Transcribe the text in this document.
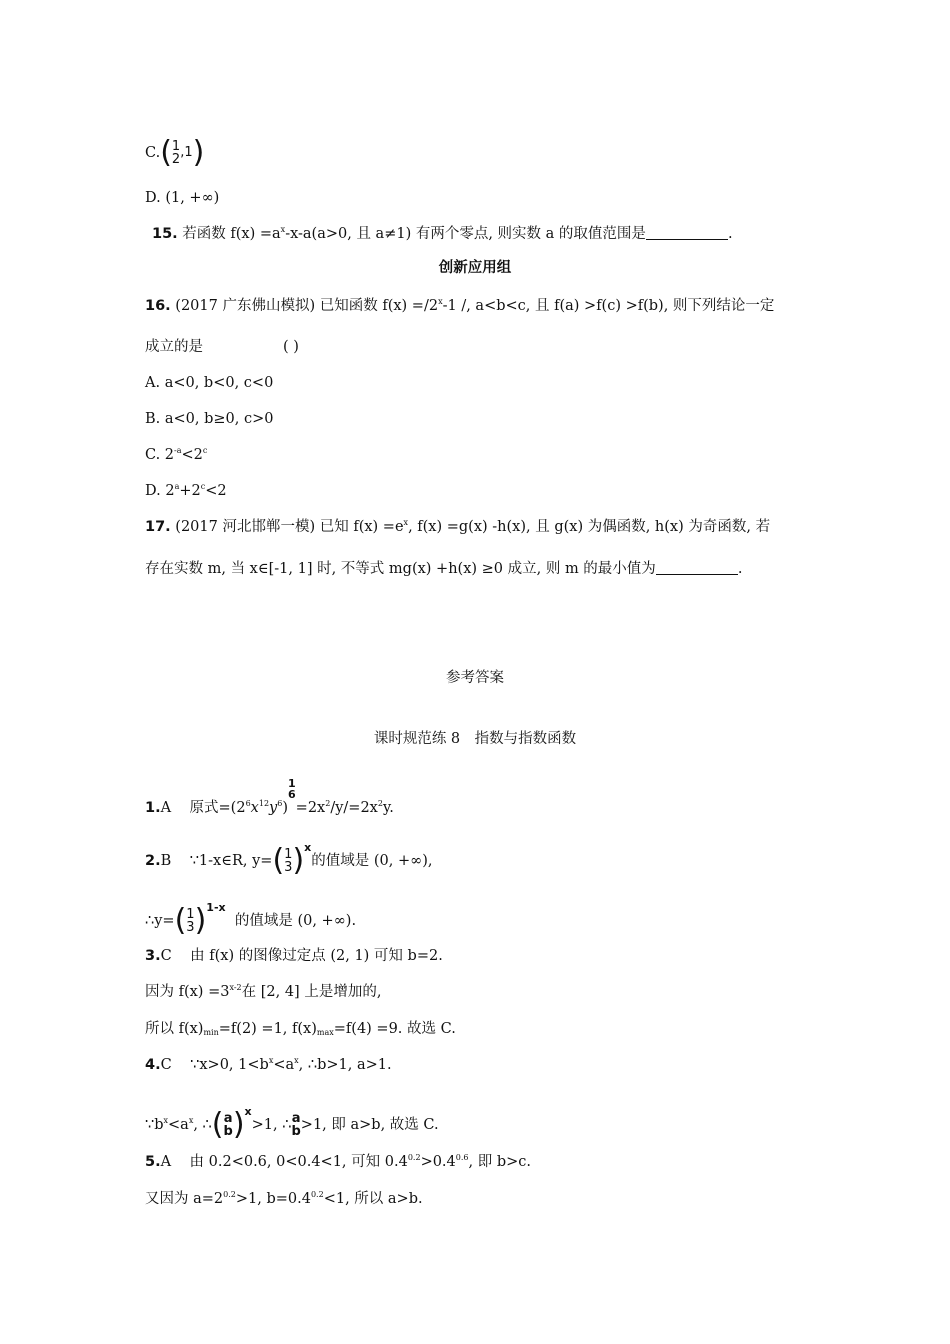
C.( 1
2 ,1)
D. (1, +∞)
15. 若函数 $f(x) =a^x-x-a(a>0$, 且 a≠1) 有两个零点, 则实数 a 的取值范围是	.
创新应用组
16. (2017 广东佛山模拟) 已知函数 $f(x) =/2^x-1$ /, a<b<c, 且 f(a) >f(c) >f(b), 则下列结论一定
成立的是	( )
A. a<0, b<0, c<0
B. a<0, b≥0, c>0
C. $2^{-a}<2^c$
D. $2^a+2^c<2$
17. (2017 河北邯郸一模) 已知 $f(x) =e^x$, f(x) =g(x) -h(x), 且 g(x) 为偶函数, h(x) 为奇函数, 若
存在实数 m, 当 x∈[-1, 1] 时, 不等式 mg(x) +h(x) ≥0 成立, 则 m 的最小值为	.
参考答案
课时规范练 8　指数与指数函数
1.A 原式$=(2^6x^{12}y^6)$
1
6
$=2x^2/y/=2x^2y$.
2.B ∵1-x∈R, y=( 1
3 )$^x$的值域是 (0, +∞),
∴y=( 1
3 )$^{1-x}$  的值域是 (0, +∞).
3.C 由 f(x) 的图像过定点 (2, 1) 可知 b=2.
因为 $f(x) =3^{x-2}$在 [2, 4] 上是增加的,
所以 $f(x)_{min}=f(2) =1$, $f(x)_{max}=f(4) =9$. 故选 C.
4.C ∵x>0, $1<b^x<a^x$, ∴b>1, a>1.
$\because b^x<a^x$, ∴( a
b )$^x$>1, ∴ a
b >1, 即 a>b, 故选 C.
5.A 由 0.2<0.6, 0<0.4<1, 可知 $0.4^{0.2}>0.4^{0.6}$, 即 b>c.
又因为 $a=2^{0.2}>1$, $b=0.4^{0.2}<1$, 所以 a>b.
